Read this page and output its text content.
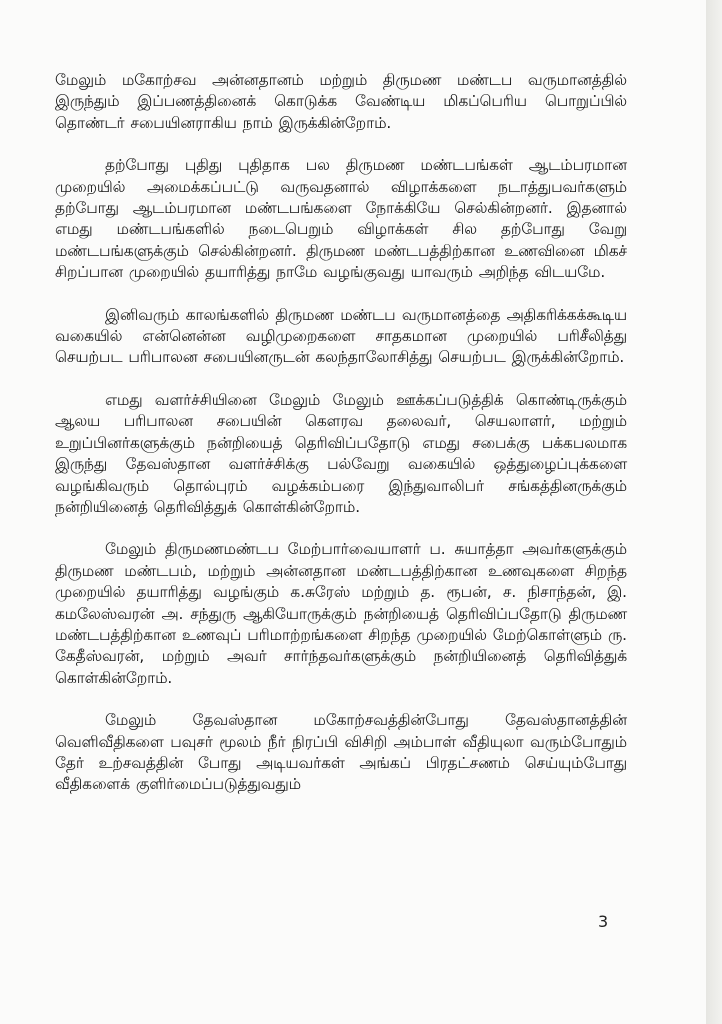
மேலும் மகோற்சவ அன்னதானம் மற்றும் திருமண மண்டப வருமானத்தில் இருந்தும் இப்பணத்தினைக் கொடுக்க வேண்டிய மிகப்பெரிய பொறுப்பில் தொண்டர் சபையினராகிய நாம் இருக்கின்றோம்.

தற்போது புதிது புதிதாக பல திருமண மண்டபங்கள் ஆடம்பரமான முறையில் அமைக்கப்பட்டு வருவதனால் விழாக்களை நடாத்துபவர்களும் தற்போது ஆடம்பரமான மண்டபங்களை நோக்கியே செல்கின்றனர். இதனால் எமது மண்டபங்களில் நடைபெறும் விழாக்கள் சில தற்போது வேறு மண்டபங்களுக்கும் செல்கின்றனர். திருமண மண்டபத்திற்கான உணவினை மிகச் சிறப்பான முறையில் தயாரித்து நாமே வழங்குவது யாவரும் அறிந்த விடயமே.

இனிவரும் காலங்களில் திருமண மண்டப வருமானத்தை அதிகரிக்கக்கூடிய வகையில் என்னென்ன வழிமுறைகளை சாதகமான முறையில் பரிசீலித்து செயற்பட பரிபாலன சபையினருடன் கலந்தாலோசித்து செயற்பட இருக்கின்றோம்.

எமது வளர்ச்சியினை மேலும் மேலும் ஊக்கப்படுத்திக் கொண்டிருக்கும் ஆலய பரிபாலன சபையின் கௌரவ தலைவர், செயலாளர், மற்றும் உறுப்பினர்களுக்கும் நன்றியைத் தெரிவிப்பதோடு எமது சபைக்கு பக்கபலமாக இருந்து தேவஸ்தான வளர்ச்சிக்கு பல்வேறு வகையில் ஒத்துழைப்புக்களை வழங்கிவரும் தொல்புரம் வழக்கம்பரை இந்துவாலிபர் சங்கத்தினருக்கும் நன்றியினைத் தெரிவித்துக் கொள்கின்றோம்.

மேலும் திருமணமண்டப மேற்பார்வையாளர் ப. சுயாத்தா அவர்களுக்கும் திருமண மண்டபம், மற்றும் அன்னதான மண்டபத்திற்கான உணவுகளை சிறந்த முறையில் தயாரித்து வழங்கும் க.சுரேஸ் மற்றும் த. ரூபன், ச. நிசாந்தன், இ. கமலேஸ்வரன் அ. சந்துரு ஆகியோருக்கும் நன்றியைத் தெரிவிப்பதோடு திருமண மண்டபத்திற்கான உணவுப் பரிமாற்றங்களை சிறந்த முறையில் மேற்கொள்ளும் ரு. கேதீஸ்வரன், மற்றும் அவர் சார்ந்தவர்களுக்கும் நன்றியினைத் தெரிவித்துக் கொள்கின்றோம்.

மேலும் தேவஸ்தான மகோற்சவத்தின்போது தேவஸ்தானத்தின் வெளிவீதிகளை பவுசர் மூலம் நீர் நிரப்பி விசிறி அம்பாள் வீதியுலா வரும்போதும் தேர் உற்சவத்தின் போது அடியவர்கள் அங்கப் பிரதட்சணம் செய்யும்போது வீதிகளைக் குளிர்மைப்படுத்துவதும்

3
